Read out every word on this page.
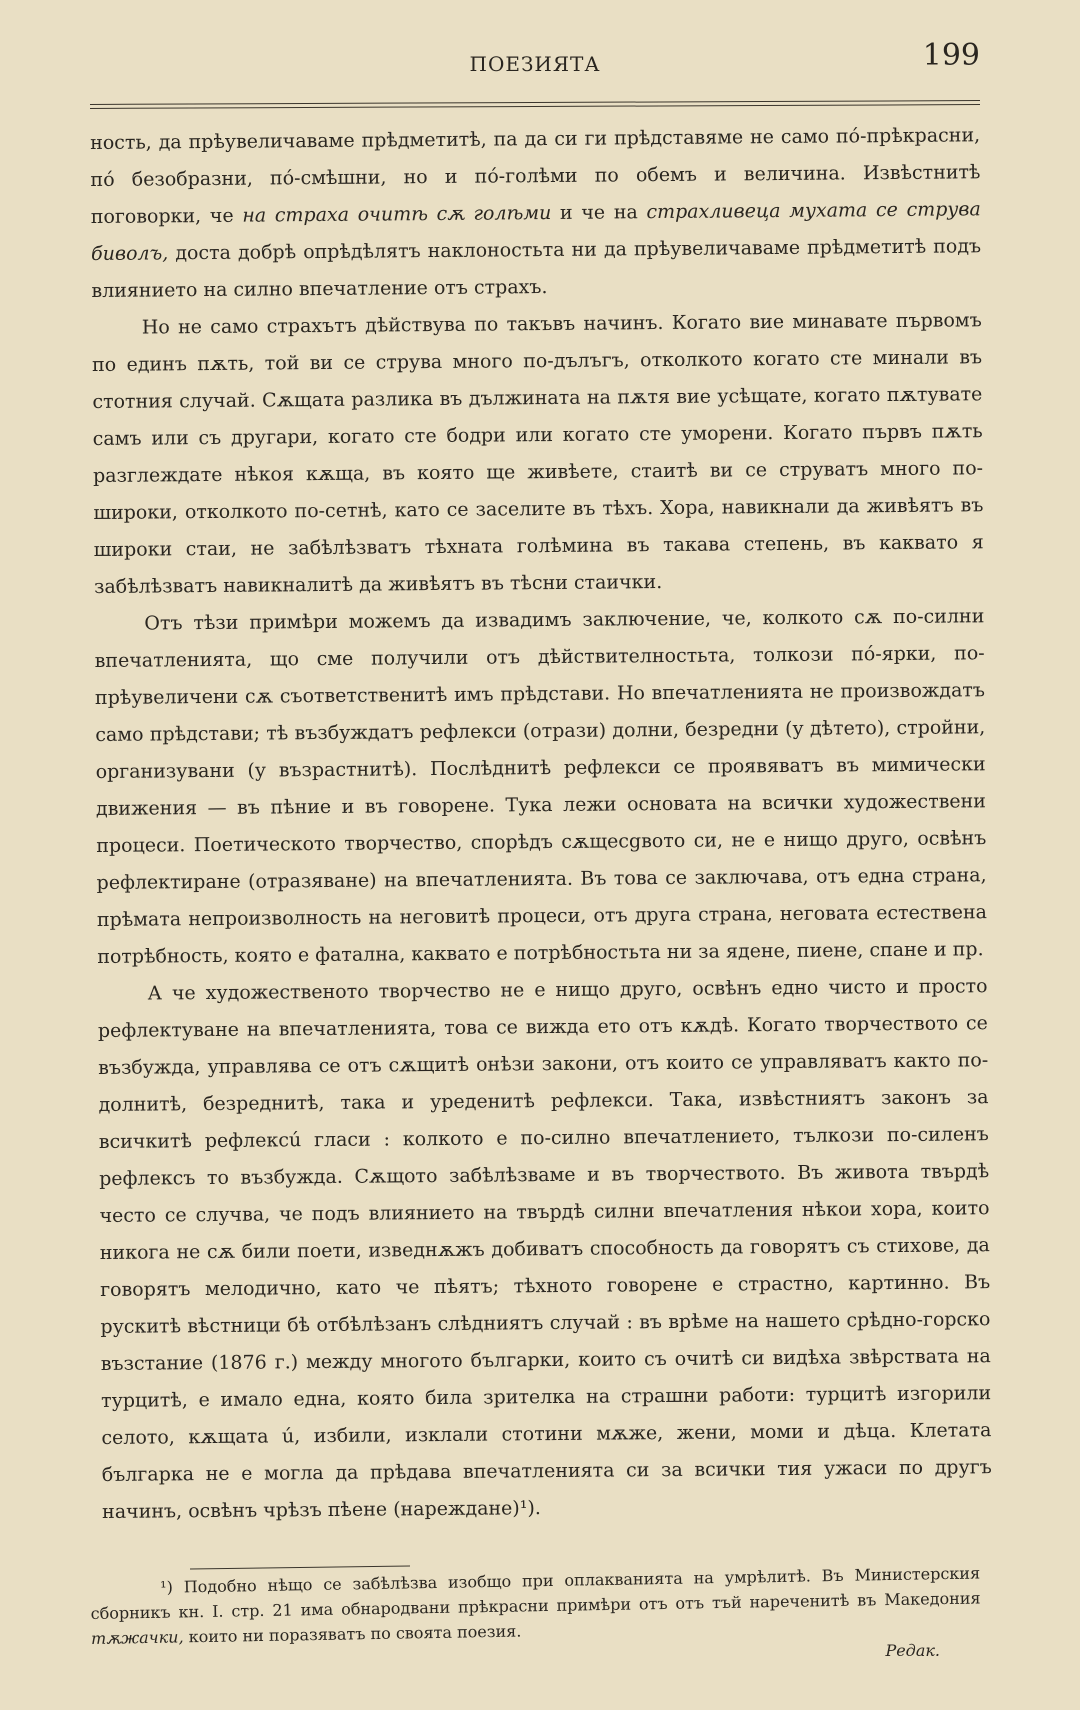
ПОЕЗИЯТА	199

ность, да прѣувеличаваме прѣдметитѣ, па да си ги прѣдставяме не само пó-прѣкрасни, пó безобразни, пó-смѣшни, но и пó-голѣми по обемъ и величина. Извѣстнитѣ поговорки, че на страха очитѣ сѫ голѣми и че на страхливеца мухата се струва биволъ, доста добрѣ опрѣдѣлятъ наклоностьта ни да прѣувеличаваме прѣдметитѣ подъ влиянието на силно впечатление отъ страхъ.

Но не само страхътъ дѣйствува по такъвъ начинъ. Когато вие минавате първомъ по единъ пѫть, той ви се струва много по-дълъгъ, отколкото когато сте минали въ стотния случай. Сѫщата разлика въ дължината на пѫтя вие усѣщате, когато пѫтувате самъ или съ другари, когато сте бодри или когато сте уморени. Когато първъ пѫть разглеждате нѣкоя кѫща, въ която ще живѣете, стаитѣ ви се струватъ много по-широки, отколкото по-сетнѣ, като се заселите въ тѣхъ. Хора, навикнали да живѣятъ въ широки стаи, не забѣлѣзватъ тѣхната голѣмина въ такава степень, въ каквато я забѣлѣзватъ навикналитѣ да живѣятъ въ тѣсни стаички.

Отъ тѣзи примѣри можемъ да извадимъ заключение, че, колкото сѫ по-силни впечатленията, що сме получили отъ дѣйствителностьта, толкози пó-ярки, по-прѣувеличени сѫ съответственитѣ имъ прѣдстави. Но впечатленията не произвождатъ само прѣдстави; тѣ възбуждатъ рефлекси (отрази) долни, безредни (у дѣтето), стройни, организувани (у възрастнитѣ). Послѣднитѣ рефлекси се проявяватъ въ мимически движения — въ пѣние и въ говорене. Тука лежи основата на всички художествени процеси. Поетическото творчество, спорѣдъ сѫщесgвото си, не е нищо друго, освѣнъ рефлектиране (отразяване) на впечатленията. Въ това се заключава, отъ една страна, прѣмата непроизволность на неговитѣ процеси, отъ друга страна, неговата естествена потрѣбность, която е фатална, каквато е потрѣбностьта ни за ядене, пиене, спане и пр.

А че художественото творчество не е нищо друго, освѣнъ едно чисто и просто рефлектуване на впечатленията, това се вижда ето отъ кѫдѣ. Когато творчеството се възбужда, управлява се отъ сѫщитѣ онѣзи закони, отъ които се управляватъ както по-долнитѣ, безреднитѣ, така и уреденитѣ рефлекси. Така, извѣстниятъ законъ за всичкитѣ рефлексú гласи : колкото е по-силно впечатлението, тълкози по-силенъ рефлексъ то възбужда. Сѫщото забѣлѣзваме и въ творчеството. Въ живота твърдѣ често се случва, че подъ влиянието на твърдѣ силни впечатления нѣкои хора, които никога не сѫ били поети, изведнѫжъ добиватъ способность да говорятъ съ стихове, да говорятъ мелодично, като че пѣятъ; тѣхното говорене е страстно, картинно. Въ рускитѣ вѣстници бѣ отбѣлѣзанъ слѣдниятъ случай : въ врѣме на нашето срѣдно-горско възстание (1876 г.) между многото българки, които съ очитѣ си видѣха звѣрствата на турцитѣ, е имало една, която била зрителка на страшни работи: турцитѣ изгорили селото, кѫщата ú, избили, изклали стотини мѫже, жени, моми и дѣца. Клетата българка не е могла да прѣдава впечатленията си за всички тия ужаси по другъ начинъ, освѣнъ чрѣзъ пѣене (нареждане)¹).

¹) Подобно нѣщо се забѣлѣзва изобщо при оплакванията на умрѣлитѣ. Въ Министерския сборникъ кн. I. стр. 21 има обнародвани прѣкрасни примѣри отъ отъ тъй нареченитѣ въ Македония тѫжачки, които ни поразяватъ по своята поезия.
Редак.
